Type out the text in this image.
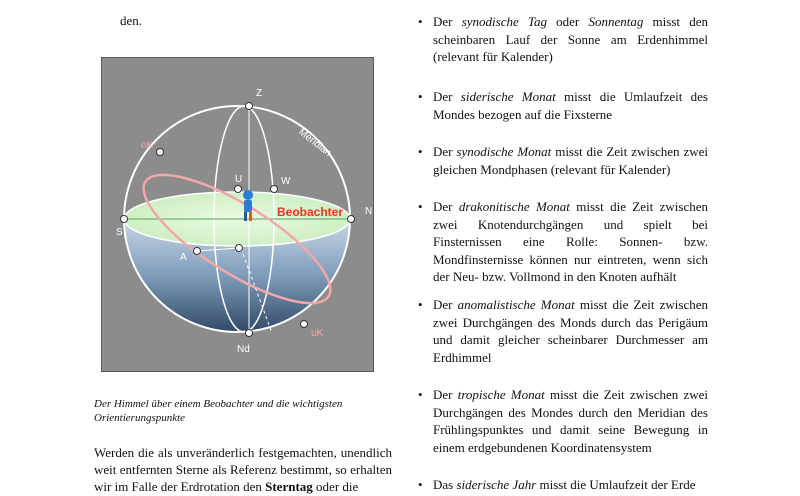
den.
Z
Nd
N
S
W
U
oK
uK
A
Meridian
Beobachter
Der Himmel über einem Beobachter und die wichtigsten Orientierungspunkte
Werden die als unveränderlich festgemachten, unendlich weit entfernten Sterne als Referenz bestimmt, so erhalten wir im Falle der Erdrotation den Sterntag oder die
• Der synodische Tag oder Sonnentag misst den scheinbaren Lauf der Sonne am Erdenhimmel (relevant für Kalender)
• Der siderische Monat misst die Umlaufzeit des Mondes bezogen auf die Fixsterne
• Der synodische Monat misst die Zeit zwischen zwei gleichen Mondphasen (relevant für Kalender)
• Der drakonitische Monat misst die Zeit zwischen zwei Knotendurchgängen und spielt bei Finsternissen eine Rolle: Sonnen- bzw. Mondfinsternisse können nur eintreten, wenn sich der Neu- bzw. Vollmond in den Knoten aufhält
• Der anomalistische Monat misst die Zeit zwischen zwei Durchgängen des Monds durch das Perigäum und damit gleicher scheinbarer Durchmesser am Erdhimmel
• Der tropische Monat misst die Zeit zwischen zwei Durchgängen des Mondes durch den Meridian des Frühlingspunktes und damit seine Bewegung in einem erdgebundenen Koordinatensystem
• Das siderische Jahr misst die Umlaufzeit der Erde
